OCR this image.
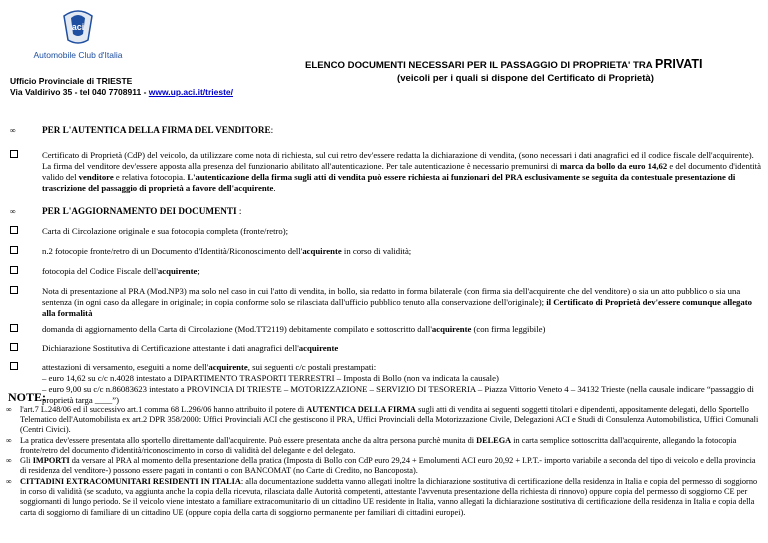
aci
Automobile Club d'Italia
Ufficio Provinciale di TRIESTE
Via Valdirivo 35 - tel 040 7708911 - www.up.aci.it/trieste/
ELENCO DOCUMENTI NECESSARI PER IL PASSAGGIO DI PROPRIETA' TRA PRIVATI
(veicoli per i quali si dispone del Certificato di Proprietà)
∞	PER L'AUTENTICA DELLA FIRMA DEL VENDITORE:
Certificato di Proprietà (CdP) del veicolo, da utilizzare come nota di richiesta, sul cui retro dev'essere redatta la dichiarazione di vendita, (sono necessari i dati anagrafici ed il codice fiscale dell'acquirente). La firma del venditore dev'essere apposta alla presenza del funzionario abilitato all'autenticazione. Per tale autenticazione è necessario premunirsi di marca da bollo da euro 14,62 e del documento d'identità valido del venditore e relativa fotocopia. L'autenticazione della firma sugli atti di vendita può essere richiesta ai funzionari del PRA esclusivamente se seguita da contestuale presentazione di trascrizione del passaggio di proprietà a favore dell'acquirente.
∞	PER L'AGGIORNAMENTO DEI DOCUMENTI :
Carta di Circolazione originale e sua fotocopia completa (fronte/retro);
n.2 fotocopie fronte/retro di un Documento d'Identità/Riconoscimento dell'acquirente in corso di validità;
fotocopia del Codice Fiscale dell'acquirente;
Nota di presentazione al PRA (Mod.NP3) ma solo nel caso in cui l'atto di vendita, in bollo, sia redatto in forma bilaterale (con firma sia dell'acquirente che del venditore) o sia un atto pubblico o sia una sentenza (in ogni caso da allegare in originale; in copia conforme solo se rilasciata dall'ufficio pubblico tenuto alla conservazione dell'originale); il Certificato di Proprietà dev'essere comunque allegato alla formalità
domanda di aggiornamento della Carta di Circolazione (Mod.TT2119) debitamente compilato e sottoscritto dall'acquirente (con firma leggibile)
Dichiarazione Sostitutiva di Certificazione attestante i dati anagrafici dell'acquirente
attestazioni di versamento, eseguiti a nome dell'acquirente, sui seguenti c/c postali prestampati:
– euro 14,62 su c/c n.4028 intestato a DIPARTIMENTO TRASPORTI TERRESTRI – Imposta di Bollo (non va indicata la causale)
– euro 9,00 su c/c n.86083623 intestato a PROVINCIA DI TRIESTE – MOTORIZZAZIONE – SERVIZIO DI TESORERIA – Piazza Vittorio Veneto 4 – 34132 Trieste (nella causale indicare “passaggio di proprietà targa ____”)
NOTE:
∞ l'art.7 L.248/06 ed il successivo art.1 comma 68 L.296/06 hanno attribuito il potere di AUTENTICA DELLA FIRMA sugli atti di vendita ai seguenti soggetti titolari e dipendenti, appositamente delegati, dello Sportello Telematico dell'Automobilista ex art.2 DPR 358/2000: Uffici Provinciali ACI che gestiscono il PRA, Uffici Provinciali della Motorizzazione Civile, Delegazioni ACI e Studi di Consulenza Automobilistica, Uffici Comunali (Centri Civici).
∞ La pratica dev'essere presentata allo sportello direttamente dall'acquirente. Può essere presentata anche da altra persona purchè munita di DELEGA in carta semplice sottoscritta dall'acquirente, allegando la fotocopia fronte/retro del documento d'identità/riconoscimento in corso di validità del delegante e del delegato.
∞ Gli IMPORTI da versare al PRA al momento della presentazione della pratica (Imposta di Bollo con CdP euro 29,24 + Emolumenti ACI euro 20,92 + I.P.T.- importo variabile a seconda del tipo di veicolo e della provincia di residenza del venditore-) possono essere pagati in contanti o con BANCOMAT (no Carte di Credito, no Bancoposta).
∞ CITTADINI EXTRACOMUNITARI RESIDENTI IN ITALIA: alla documentazione suddetta vanno allegati inoltre la dichiarazione sostitutiva di certificazione della residenza in Italia e copia del permesso di soggiorno in corso di validità (se scaduto, va aggiunta anche la copia della ricevuta, rilasciata dalle Autorità competenti, attestante l'avvenuta presentazione della richiesta di rinnovo) oppure copia del permesso di soggiorno CE per soggiornanti di lungo periodo. Se il veicolo viene intestato a familiare extracomunitario di un cittadino UE residente in Italia, vanno allegati la dichiarazione sostitutiva di certificazione della residenza in Italia e copia della carta di soggiorno di familiare di un cittadino UE (oppure copia della carta di soggiorno permanente per familiari di cittadini europei).
